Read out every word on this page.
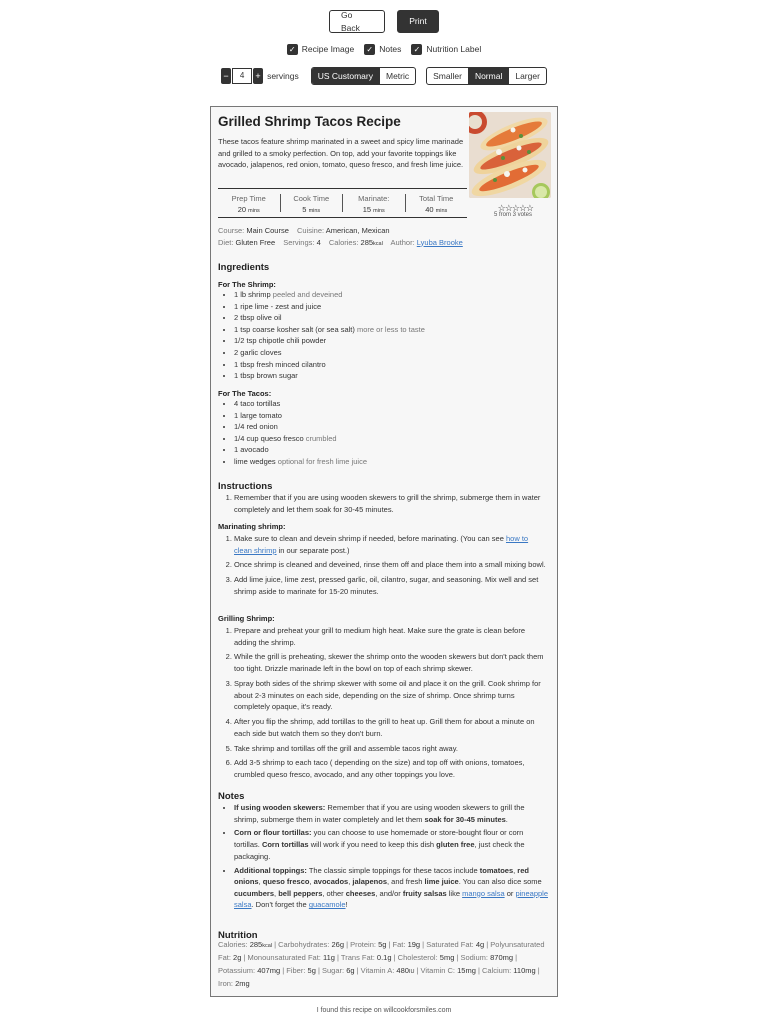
Go Back
Print
✓ Recipe Image ✓ Notes ✓ Nutrition Label
−	4	+ servings	US Customary	Metric	Smaller	Normal	Larger
Grilled Shrimp Tacos Recipe
These tacos feature shrimp marinated in a sweet and spicy lime marinade and grilled to a smoky perfection. On top, add your favorite toppings like avocado, jalapenos, red onion, tomato, queso fresco, and fresh lime juice.
☆☆☆☆☆
5 from 3 votes
Prep Time
20 mins
Cook Time
5 mins
Marinate:
15 mins
Total Time
40 mins
Course: Main Course Cuisine: American, Mexican
Diet: Gluten Free Servings: 4 Calories: 285kcal Author: Lyuba Brooke
Ingredients
For The Shrimp:
• 1 lb shrimp peeled and deveined
• 1 ripe lime - zest and juice
• 2 tbsp olive oil
• 1 tsp coarse kosher salt (or sea salt) more or less to taste
• 1/2 tsp chipotle chili powder
• 2 garlic cloves
• 1 tbsp fresh minced cilantro
• 1 tbsp brown sugar
For The Tacos:
• 4 taco tortillas
• 1 large tomato
• 1/4 red onion
• 1/4 cup queso fresco crumbled
• 1 avocado
• lime wedges optional for fresh lime juice
Instructions
1. Remember that if you are using wooden skewers to grill the shrimp, submerge them in water completely and let them soak for 30-45 minutes.
Marinating shrimp:
1. Make sure to clean and devein shrimp if needed, before marinating. (You can see how to clean shrimp in our separate post.)
2. Once shrimp is cleaned and deveined, rinse them off and place them into a small mixing bowl.
3. Add lime juice, lime zest, pressed garlic, oil, cilantro, sugar, and seasoning. Mix well and set shrimp aside to marinate for 15-20 minutes.
Grilling Shrimp:
1. Prepare and preheat your grill to medium high heat. Make sure the grate is clean before adding the shrimp.
2. While the grill is preheating, skewer the shrimp onto the wooden skewers but don't pack them too tight. Drizzle marinade left in the bowl on top of each shrimp skewer.
3. Spray both sides of the shrimp skewer with some oil and place it on the grill. Cook shrimp for about 2-3 minutes on each side, depending on the size of shrimp. Once shrimp turns completely opaque, it's ready.
4. After you flip the shrimp, add tortillas to the grill to heat up. Grill them for about a minute on each side but watch them so they don't burn.
5. Take shrimp and tortillas off the grill and assemble tacos right away.
6. Add 3-5 shrimp to each taco ( depending on the size) and top off with onions, tomatoes, crumbled queso fresco, avocado, and any other toppings you love.
Notes
• If using wooden skewers: Remember that if you are using wooden skewers to grill the shrimp, submerge them in water completely and let them soak for 30-45 minutes.
• Corn or flour tortillas: you can choose to use homemade or store-bought flour or corn tortillas. Corn tortillas will work if you need to keep this dish gluten free, just check the packaging.
• Additional toppings: The classic simple toppings for these tacos include tomatoes, red onions, queso fresco, avocados, jalapenos, and fresh lime juice. You can also dice some cucumbers, bell peppers, other cheeses, and/or fruity salsas like mango salsa or pineapple salsa. Don't forget the guacamole!
Nutrition
Calories: 285kcal | Carbohydrates: 26g | Protein: 5g | Fat: 19g | Saturated Fat: 4g | Polyunsaturated Fat: 2g | Monounsaturated Fat: 11g | Trans Fat: 0.1g | Cholesterol: 5mg | Sodium: 870mg | Potassium: 407mg | Fiber: 5g | Sugar: 6g | Vitamin A: 480IU | Vitamin C: 15mg | Calcium: 110mg | Iron: 2mg
I found this recipe on willcookforsmiles.com
